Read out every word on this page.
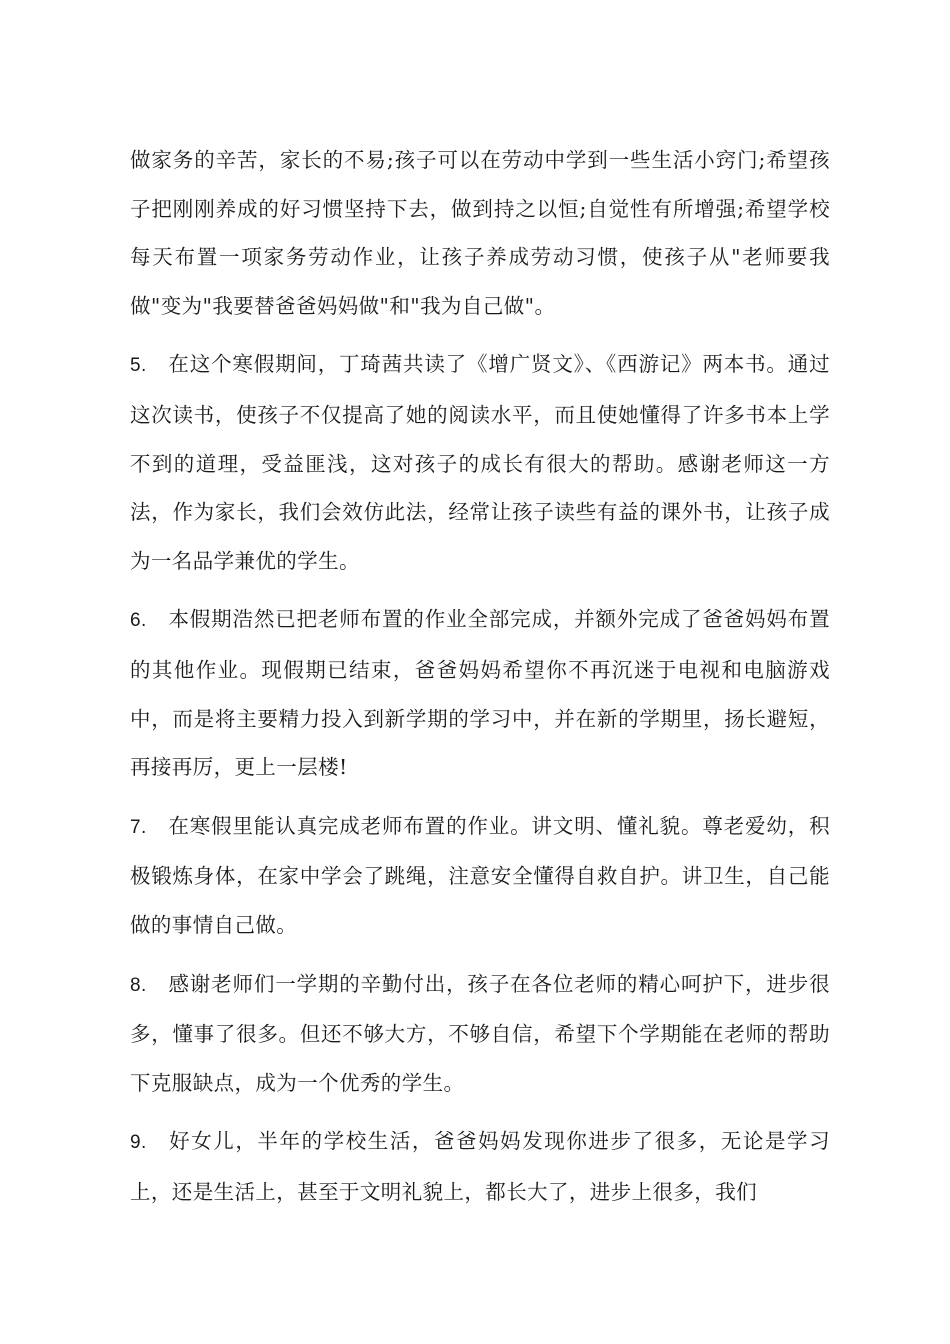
做家务的辛苦，家长的不易;孩子可以在劳动中学到一些生活小窍门;希望孩子把刚刚养成的好习惯坚持下去，做到持之以恒;自觉性有所增强;希望学校每天布置一项家务劳动作业，让孩子养成劳动习惯，使孩子从"老师要我做"变为"我要替爸爸妈妈做"和"我为自己做"。

5. 在这个寒假期间，丁琦茜共读了《增广贤文》、《西游记》两本书。通过这次读书，使孩子不仅提高了她的阅读水平，而且使她懂得了许多书本上学不到的道理，受益匪浅，这对孩子的成长有很大的帮助。感谢老师这一方法，作为家长，我们会效仿此法，经常让孩子读些有益的课外书，让孩子成为一名品学兼优的学生。

6. 本假期浩然已把老师布置的作业全部完成，并额外完成了爸爸妈妈布置的其他作业。现假期已结束，爸爸妈妈希望你不再沉迷于电视和电脑游戏中，而是将主要精力投入到新学期的学习中，并在新的学期里，扬长避短，再接再厉，更上一层楼!

7. 在寒假里能认真完成老师布置的作业。讲文明、懂礼貌。尊老爱幼，积极锻炼身体，在家中学会了跳绳，注意安全懂得自救自护。讲卫生，自己能做的事情自己做。

8. 感谢老师们一学期的辛勤付出，孩子在各位老师的精心呵护下，进步很多，懂事了很多。但还不够大方，不够自信，希望下个学期能在老师的帮助下克服缺点，成为一个优秀的学生。

9. 好女儿，半年的学校生活，爸爸妈妈发现你进步了很多，无论是学习上，还是生活上，甚至于文明礼貌上，都长大了，进步上很多，我们
